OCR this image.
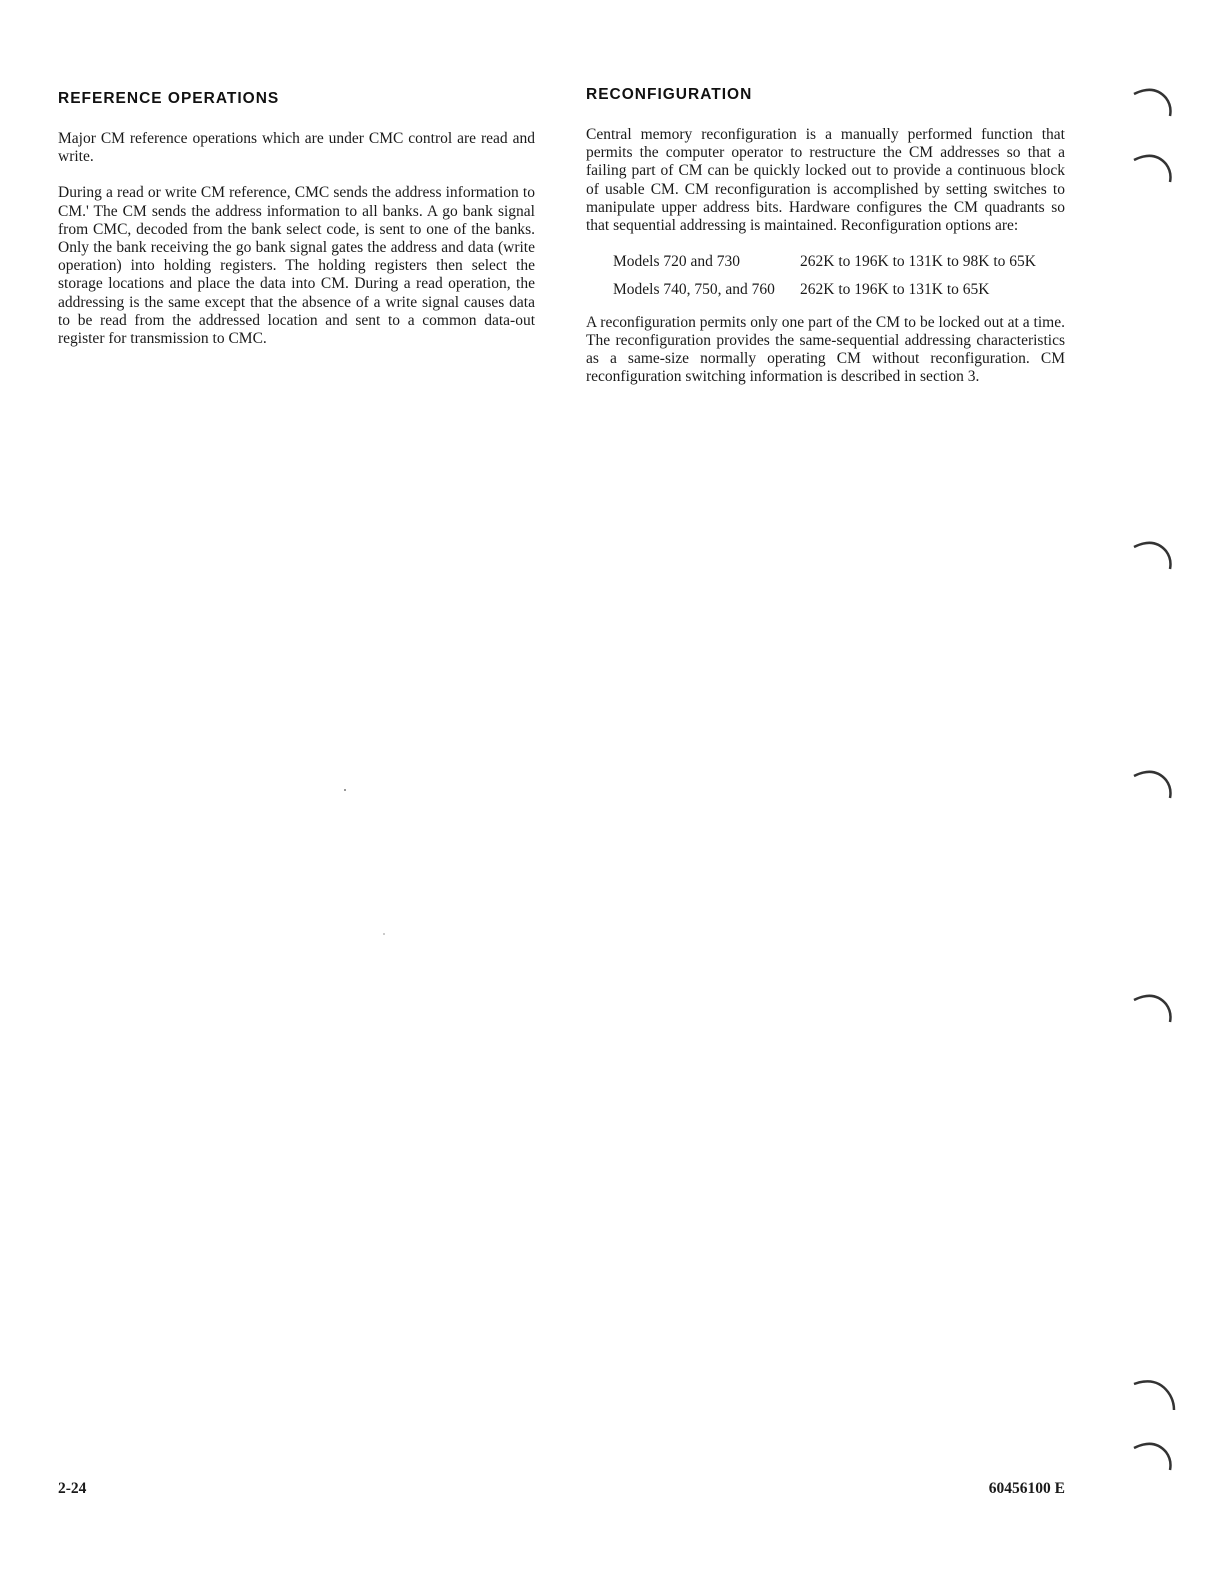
REFERENCE OPERATIONS

Major CM reference operations which are under CMC control are read and write.

During a read or write CM reference, CMC sends the address information to CM.' The CM sends the address information to all banks. A go bank signal from CMC, decoded from the bank select code, is sent to one of the banks. Only the bank receiving the go bank signal gates the address and data (write operation) into holding registers. The holding registers then select the storage locations and place the data into CM. During a read operation, the addressing is the same except that the absence of a write signal causes data to be read from the addressed location and sent to a common data-out register for transmission to CMC.

RECONFIGURATION

Central memory reconfiguration is a manually performed function that permits the computer operator to restructure the CM addresses so that a failing part of CM can be quickly locked out to provide a continuous block of usable CM. CM reconfiguration is accomplished by setting switches to manipulate upper address bits. Hardware configures the CM quadrants so that sequential addressing is maintained. Reconfiguration options are:

Models 720 and 730	262K to 196K to 131K to 98K to 65K
Models 740, 750, and 760	262K to 196K to 131K to 65K

A reconfiguration permits only one part of the CM to be locked out at a time. The reconfiguration provides the same-sequential addressing characteristics as a same-size normally operating CM without reconfiguration. CM reconfiguration switching information is described in section 3.

2-24	60456100 E
